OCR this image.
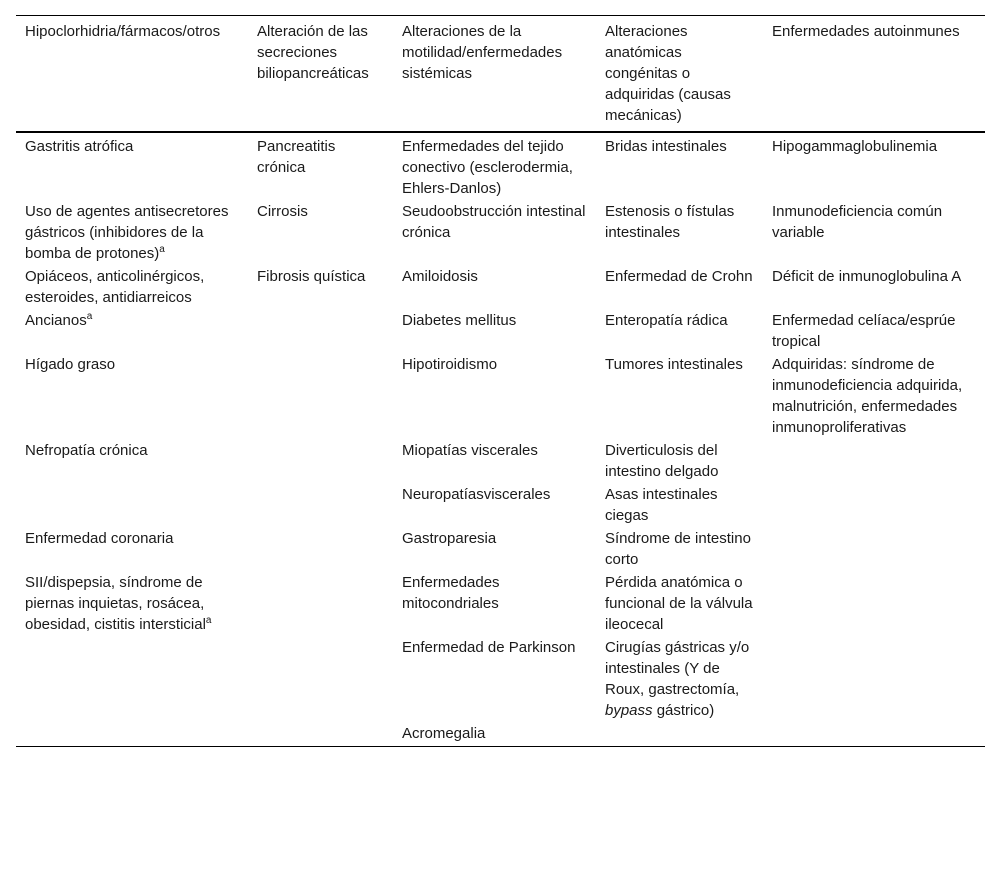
Hipoclorhidria/fármacos/otros	Alteración de las secreciones biliopancreáticas	Alteraciones de la motilidad/enfermedades sistémicas	Alteraciones anatómicas congénitas o adquiridas (causas mecánicas)	Enfermedades autoinmunes
Gastritis atrófica	Pancreatitis crónica	Enfermedades del tejido conectivo (esclerodermia, Ehlers-Danlos)	Bridas intestinales	Hipogammaglobulinemia
Uso de agentes antisecretores gástricos (inhibidores de la bomba de protones)$^a$	Cirrosis	Seudoobstrucción intestinal crónica	Estenosis o fístulas intestinales	Inmunodeficiencia común variable
Opiáceos, anticolinérgicos, esteroides, antidiarreicos	Fibrosis quística	Amiloidosis	Enfermedad de Crohn	Déficit de inmunoglobulina A
Ancianos$^a$		Diabetes mellitus	Enteropatía rádica	Enfermedad celíaca/esprúe tropical
Hígado graso		Hipotiroidismo	Tumores intestinales	Adquiridas: síndrome de inmunodeficiencia adquirida, malnutrición, enfermedades inmunoproliferativas
Nefropatía crónica		Miopatías viscerales	Diverticulosis del intestino delgado	
		Neuropatíasviscerales	Asas intestinales ciegas	
Enfermedad coronaria		Gastroparesia	Síndrome de intestino corto	
SII/dispepsia, síndrome de piernas inquietas, rosácea, obesidad, cistitis intersticial$^a$		Enfermedades mitocondriales	Pérdida anatómica o funcional de la válvula ileocecal	
		Enfermedad de Parkinson	Cirugías gástricas y/o intestinales (Y de Roux, gastrectomía, bypass gástrico)	
		Acromegalia		
